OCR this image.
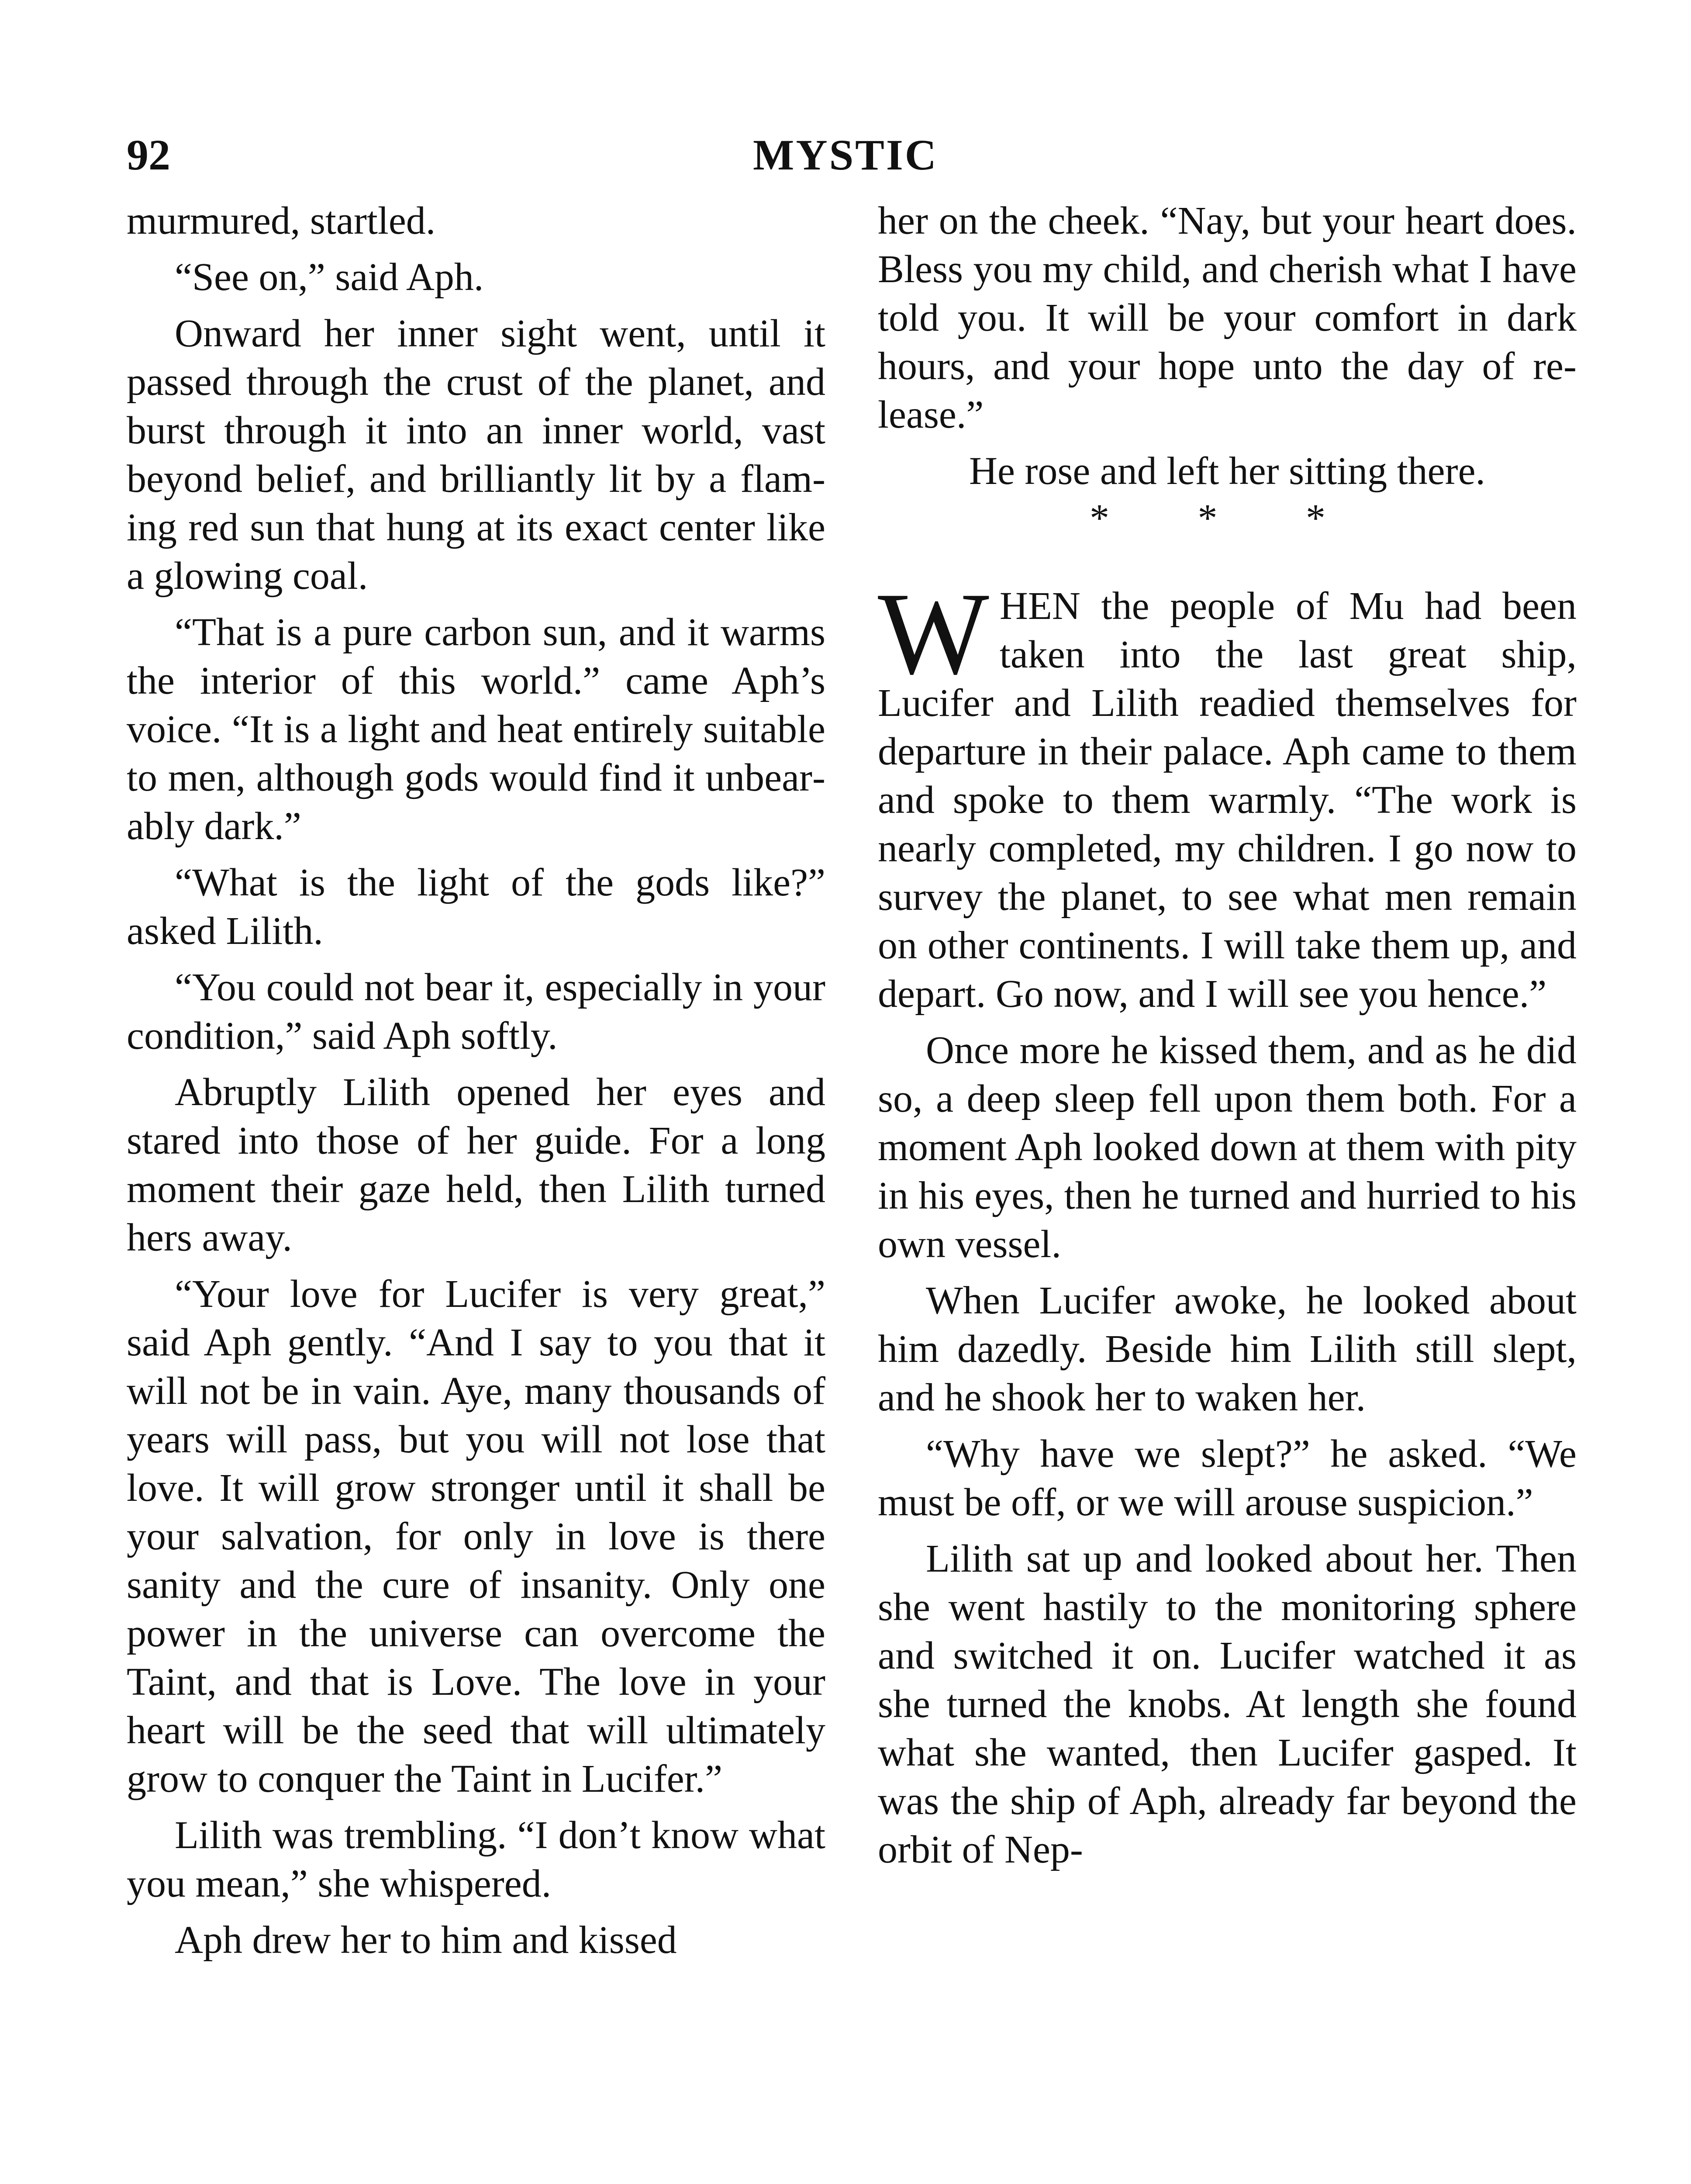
92	MYSTIC

murmured, startled.

“See on,” said Aph.

Onward her inner sight went, until it passed through the crust of the planet, and burst through it into an inner world, vast beyond belief, and brilliantly lit by a flaming red sun that hung at its exact center like a glowing coal.

“That is a pure carbon sun, and it warms the interior of this world.” came Aph’s voice. “It is a light and heat entirely suitable to men, although gods would find it unbearably dark.”

“What is the light of the gods like?” asked Lilith.

“You could not bear it, especially in your condition,” said Aph softly.

Abruptly Lilith opened her eyes and stared into those of her guide. For a long moment their gaze held, then Lilith turned hers away.

“Your love for Lucifer is very great,” said Aph gently. “And I say to you that it will not be in vain. Aye, many thousands of years will pass, but you will not lose that love. It will grow stronger until it shall be your salvation, for only in love is there sanity and the cure of insanity. Only one power in the universe can overcome the Taint, and that is Love. The love in your heart will be the seed that will ultimately grow to conquer the Taint in Lucifer.”

Lilith was trembling. “I don’t know what you mean,” she whispered.

Aph drew her to him and kissed

her on the cheek. “Nay, but your heart does. Bless you my child, and cherish what I have told you. It will be your comfort in dark hours, and your hope unto the day of release.”

He rose and left her sitting there.

* * *

WHEN the people of Mu had been taken into the last great ship, Lucifer and Lilith readied themselves for departure in their palace. Aph came to them and spoke to them warmly. “The work is nearly completed, my children. I go now to survey the planet, to see what men remain on other continents. I will take them up, and depart. Go now, and I will see you hence.”

Once more he kissed them, and as he did so, a deep sleep fell upon them both. For a moment Aph looked down at them with pity in his eyes, then he turned and hurried to his own vessel.

When Lucifer awoke, he looked about him dazedly. Beside him Lilith still slept, and he shook her to waken her.

“Why have we slept?” he asked. “We must be off, or we will arouse suspicion.”

Lilith sat up and looked about her. Then she went hastily to the monitoring sphere and switched it on. Lucifer watched it as she turned the knobs. At length she found what she wanted, then Lucifer gasped. It was the ship of Aph, already far beyond the orbit of Nep-
